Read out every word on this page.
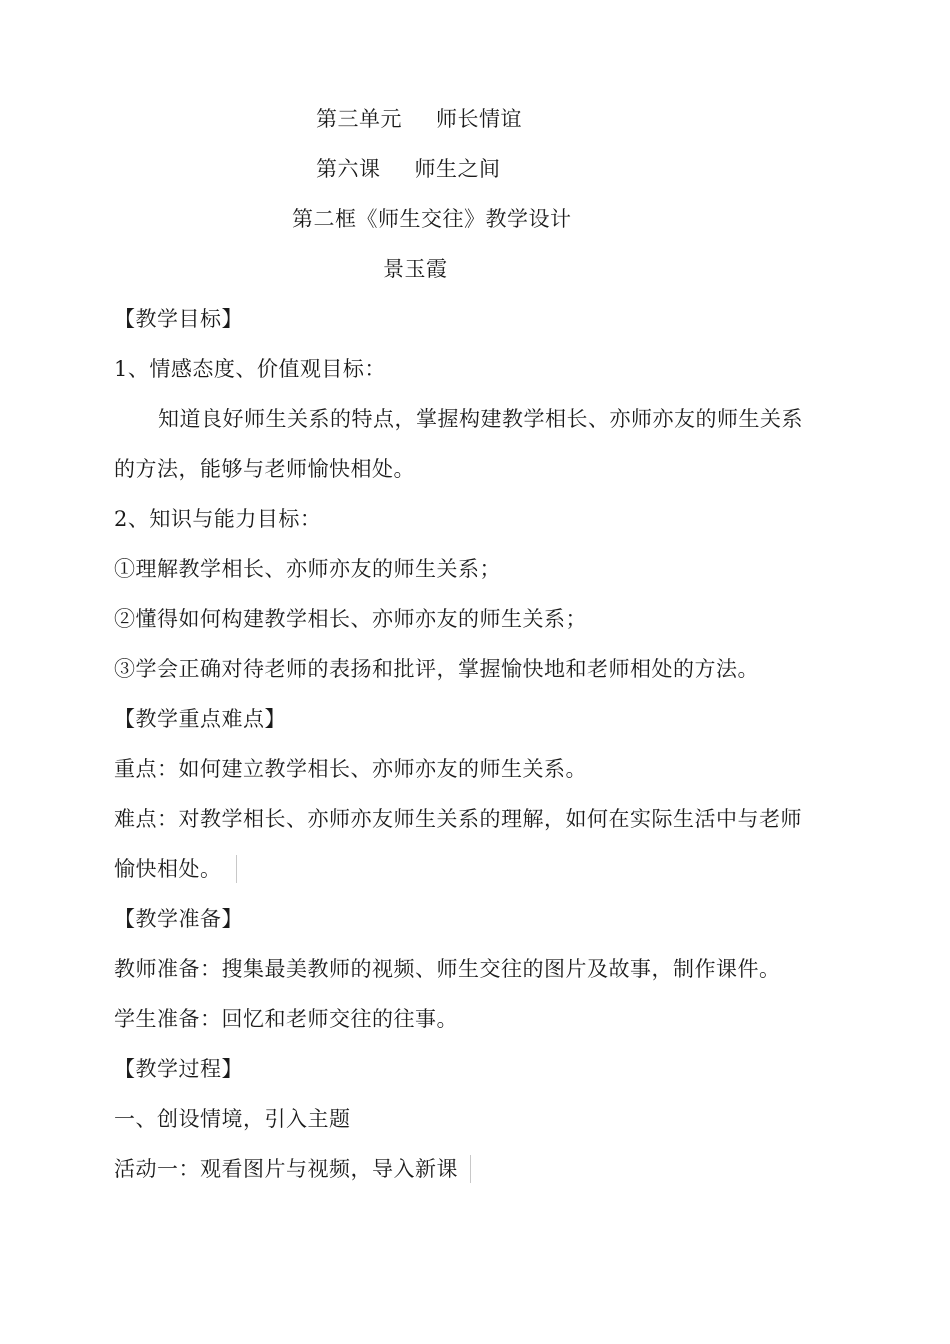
第三单元 师长情谊
第六课 师生之间
第二框《师生交往》教学设计
景玉霞
【教学目标】
1、情感态度、价值观目标：
知道良好师生关系的特点，掌握构建教学相长、亦师亦友的师生关系
的方法，能够与老师愉快相处。
2、知识与能力目标：
①理解教学相长、亦师亦友的师生关系；
②懂得如何构建教学相长、亦师亦友的师生关系；
③学会正确对待老师的表扬和批评，掌握愉快地和老师相处的方法。
【教学重点难点】
重点：如何建立教学相长、亦师亦友的师生关系。
难点：对教学相长、亦师亦友师生关系的理解，如何在实际生活中与老师
愉快相处。
【教学准备】
教师准备：搜集最美教师的视频、师生交往的图片及故事，制作课件。
学生准备：回忆和老师交往的往事。
【教学过程】
一、创设情境，引入主题
活动一：观看图片与视频，导入新课
